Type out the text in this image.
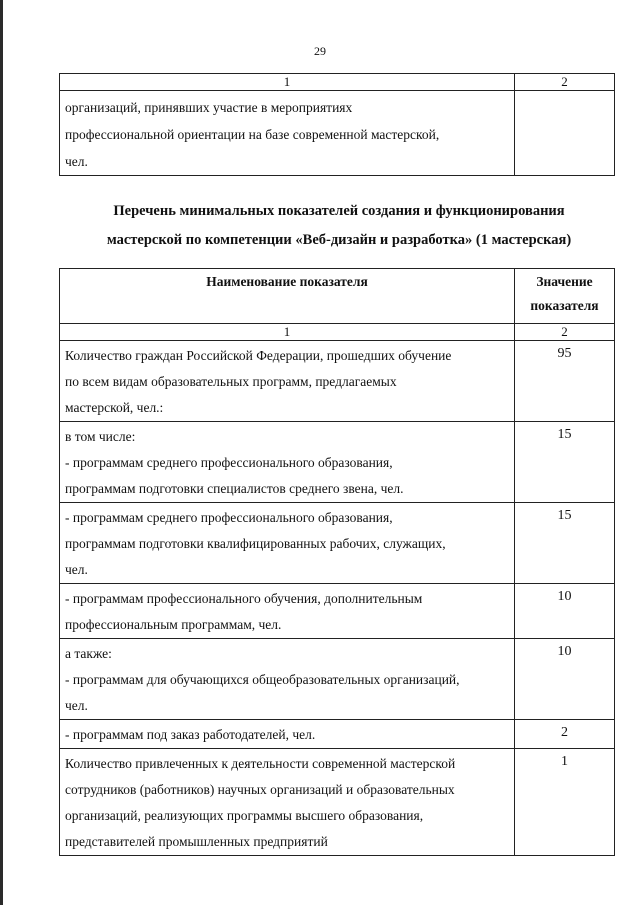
29
1	2

организаций, принявших участие в мероприятиях
профессиональной ориентации на базе современной мастерской,
чел.	

Перечень минимальных показателей создания и функционирования
мастерской по компетенции «Веб-дизайн и разработка» (1 мастерская)
Наименование показателя	Значение
показателя

1	2

Количество граждан Российской Федерации, прошедших обучение
по всем видам образовательных программ, предлагаемых
мастерской, чел.:	95

в том числе:
- программам среднего профессионального образования,
программам подготовки специалистов среднего звена, чел.	15

- программам среднего профессионального образования,
программам подготовки квалифицированных рабочих, служащих,
чел.	15

- программам профессионального обучения, дополнительным
профессиональным программам, чел.	10

а также:
- программам для обучающихся общеобразовательных организаций,
чел.	10

- программам под заказ работодателей, чел.	2

Количество привлеченных к деятельности современной мастерской
сотрудников (работников) научных организаций и образовательных
организаций, реализующих программы высшего образования,
представителей промышленных предприятий	1
